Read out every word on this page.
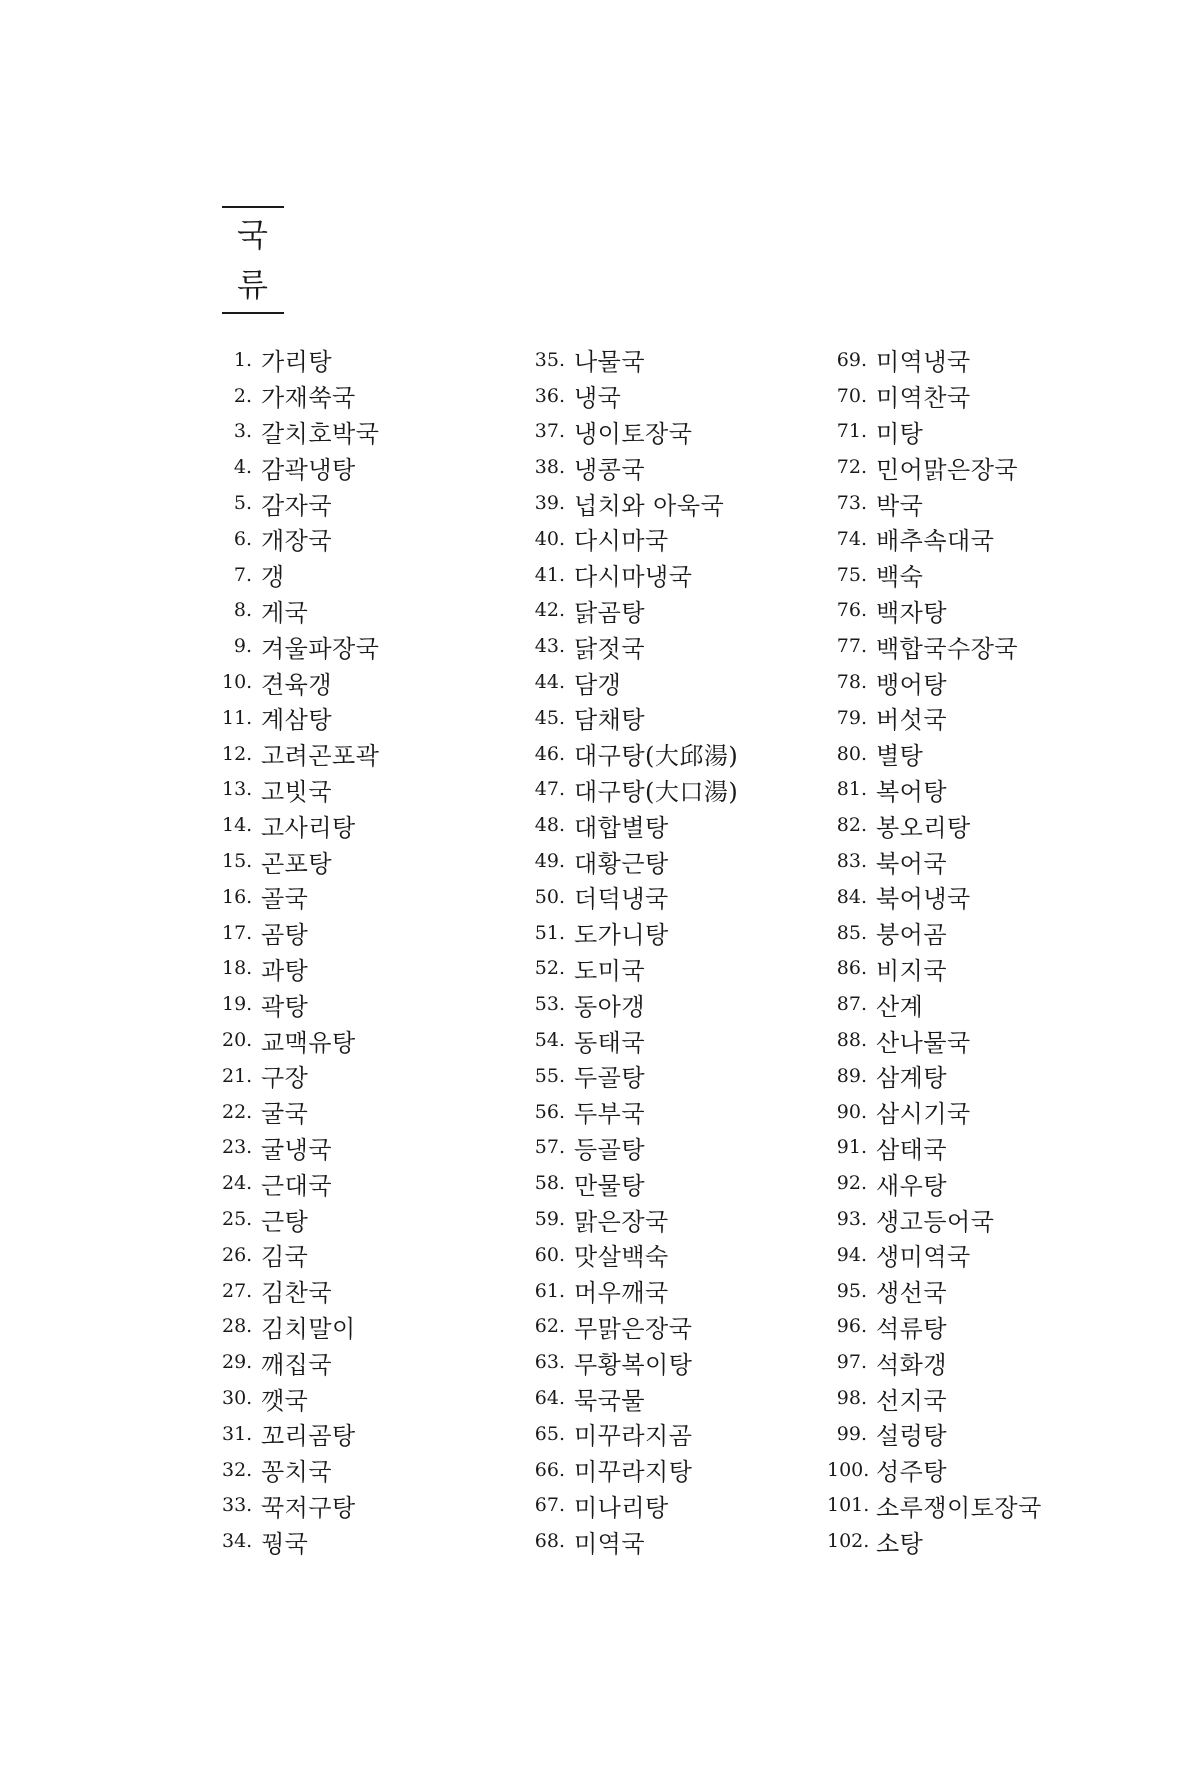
국류
1. 가리탕
2. 가재쑥국
3. 갈치호박국
4. 감곽냉탕
5. 감자국
6. 개장국
7. 갱
8. 게국
9. 겨울파장국
10. 견육갱
11. 계삼탕
12. 고려곤포곽
13. 고빗국
14. 고사리탕
15. 곤포탕
16. 골국
17. 곰탕
18. 과탕
19. 곽탕
20. 교맥유탕
21. 구장
22. 굴국
23. 굴냉국
24. 근대국
25. 근탕
26. 김국
27. 김찬국
28. 김치말이
29. 깨집국
30. 깻국
31. 꼬리곰탕
32. 꽁치국
33. 꾹저구탕
34. 꿩국
35. 나물국
36. 냉국
37. 냉이토장국
38. 냉콩국
39. 넙치와 아욱국
40. 다시마국
41. 다시마냉국
42. 닭곰탕
43. 닭젓국
44. 담갱
45. 담채탕
46. 대구탕(大邱湯)
47. 대구탕(大口湯)
48. 대합별탕
49. 대황근탕
50. 더덕냉국
51. 도가니탕
52. 도미국
53. 동아갱
54. 동태국
55. 두골탕
56. 두부국
57. 등골탕
58. 만물탕
59. 맑은장국
60. 맛살백숙
61. 머우깨국
62. 무맑은장국
63. 무황복이탕
64. 묵국물
65. 미꾸라지곰
66. 미꾸라지탕
67. 미나리탕
68. 미역국
69. 미역냉국
70. 미역찬국
71. 미탕
72. 민어맑은장국
73. 박국
74. 배추속대국
75. 백숙
76. 백자탕
77. 백합국수장국
78. 뱅어탕
79. 버섯국
80. 별탕
81. 복어탕
82. 봉오리탕
83. 북어국
84. 북어냉국
85. 붕어곰
86. 비지국
87. 산계
88. 산나물국
89. 삼계탕
90. 삼시기국
91. 삼태국
92. 새우탕
93. 생고등어국
94. 생미역국
95. 생선국
96. 석류탕
97. 석화갱
98. 선지국
99. 설렁탕
100. 성주탕
101. 소루쟁이토장국
102. 소탕
